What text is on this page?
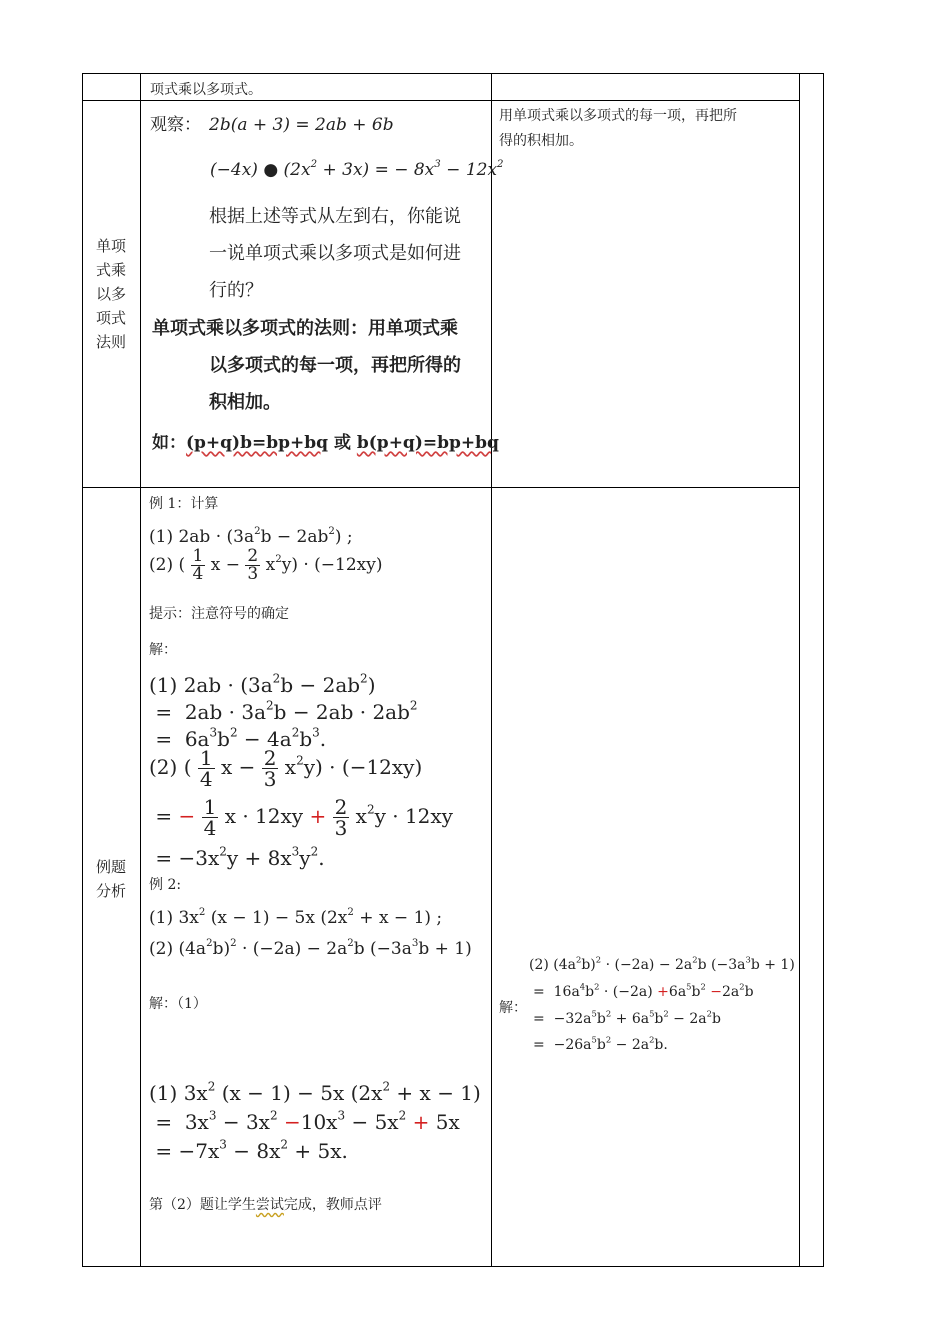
项式乘以多项式。
单项
式乘
以多
项式
法则
观察： 2b(a + 3) = 2ab + 6b
(−4x) ● $(2x^2 + 3x)$ = − $8x^3 - 12x^2$
根据上述等式从左到右，你能说
一说单项式乘以多项式是如何进
行的？
单项式乘以多项式的法则：用单项式乘
以多项式的每一项，再把所得的
积相加。
如：(p+q)b=bp+bq 或 b(p+q)=bp+bq
用单项式乘以多项式的每一项，再把所
得的积相加。
例题
分析
例 1：计算
(1) $2ab \cdot (3a^2b - 2ab^2)$ ;
(2) ( $\frac{1}{4}$ $x - \frac{2}{3} x^2y) \cdot (-12xy)$
提示：注意符号的确定
解：
(1) $2ab \cdot (3a^2b - 2ab^2)$
=  $2ab \cdot 3a^2b - 2ab \cdot 2ab^2$
=  $6a^3b^2 - 4a^2b^3$.
(2) ( $\frac{1}{4}$ $x - \frac{2}{3} x^2y) \cdot (-12xy)$
= − $\frac{1}{4}$ $x \cdot 12xy + \frac{2}{3} x^2y \cdot 12xy$
= $-3x^2y + 8x^3y^2$.
例 2:
(1) $3x^2$ (x − 1) − 5x $(2x^2 + x - 1)$ ;
(2) $(4a^2b)^2 \cdot (-2a) - 2a^2b$ $(-3a^3b + 1)$
解：（1）
(1) $3x^2$ (x − 1) − 5x $(2x^2 + x - 1)$
=  $3x^3 - 3x^2 -10x^3 - 5x^2 + 5x$
= $-7x^3 - 8x^2 + 5x$.
第（2）题让学生尝试完成，教师点评
解：
(2) $(4a^2b)^2 \cdot (-2a) - 2a^2b$ $(-3a^3b + 1)$
=  $16a^4b^2 \cdot (-2a) +6a^5b^2 -2a^2b$
=  $-32a^5b^2 + 6a^5b^2 - 2a^2b$
=  $-26a^5b^2 - 2a^2b$.
